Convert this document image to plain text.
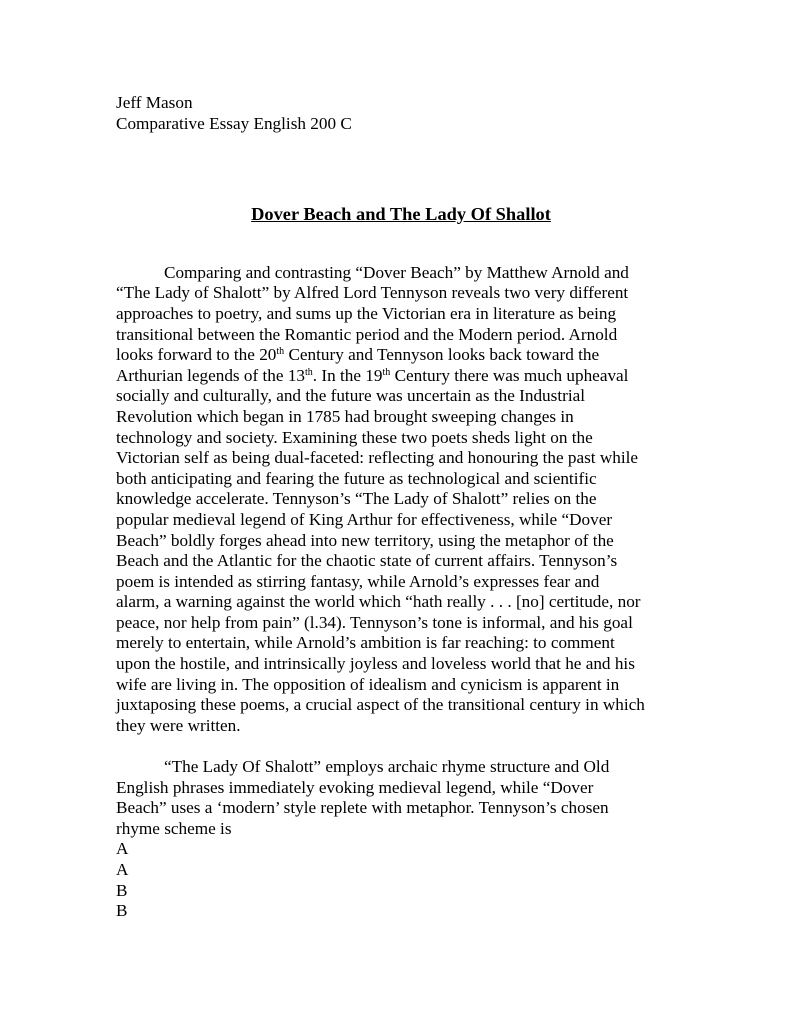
Jeff Mason
Comparative Essay English 200 C
Dover Beach and The Lady Of Shallot

Comparing and contrasting “Dover Beach” by Matthew Arnold and

“The Lady of Shalott” by Alfred Lord Tennyson reveals two very different

approaches to poetry, and sums up the Victorian era in literature as being

transitional between the Romantic period and the Modern period. Arnold

looks forward to the 20th Century and Tennyson looks back toward the

Arthurian legends of the 13th. In the 19th Century there was much upheaval

socially and culturally, and the future was uncertain as the Industrial

Revolution which began in 1785 had brought sweeping changes in

technology and society. Examining these two poets sheds light on the

Victorian self as being dual-faceted: reflecting and honouring the past while

both anticipating and fearing the future as technological and scientific

knowledge accelerate. Tennyson’s “The Lady of Shalott” relies on the

popular medieval legend of King Arthur for effectiveness, while “Dover

Beach” boldly forges ahead into new territory, using the metaphor of the

Beach and the Atlantic for the chaotic state of current affairs. Tennyson’s

poem is intended as stirring fantasy, while Arnold’s expresses fear and

alarm, a warning against the world which “hath really . . . [no] certitude, nor

peace, nor help from pain” (l.34). Tennyson’s tone is informal, and his goal

merely to entertain, while Arnold’s ambition is far reaching: to comment

upon the hostile, and intrinsically joyless and loveless world that he and his

wife are living in. The opposition of idealism and cynicism is apparent in

juxtaposing these poems, a crucial aspect of the transitional century in which

they were written.

“The Lady Of Shalott” employs archaic rhyme structure and Old

English phrases immediately evoking medieval legend, while “Dover

Beach” uses a ‘modern’ style replete with metaphor. Tennyson’s chosen

rhyme scheme is

A

A

B

B
